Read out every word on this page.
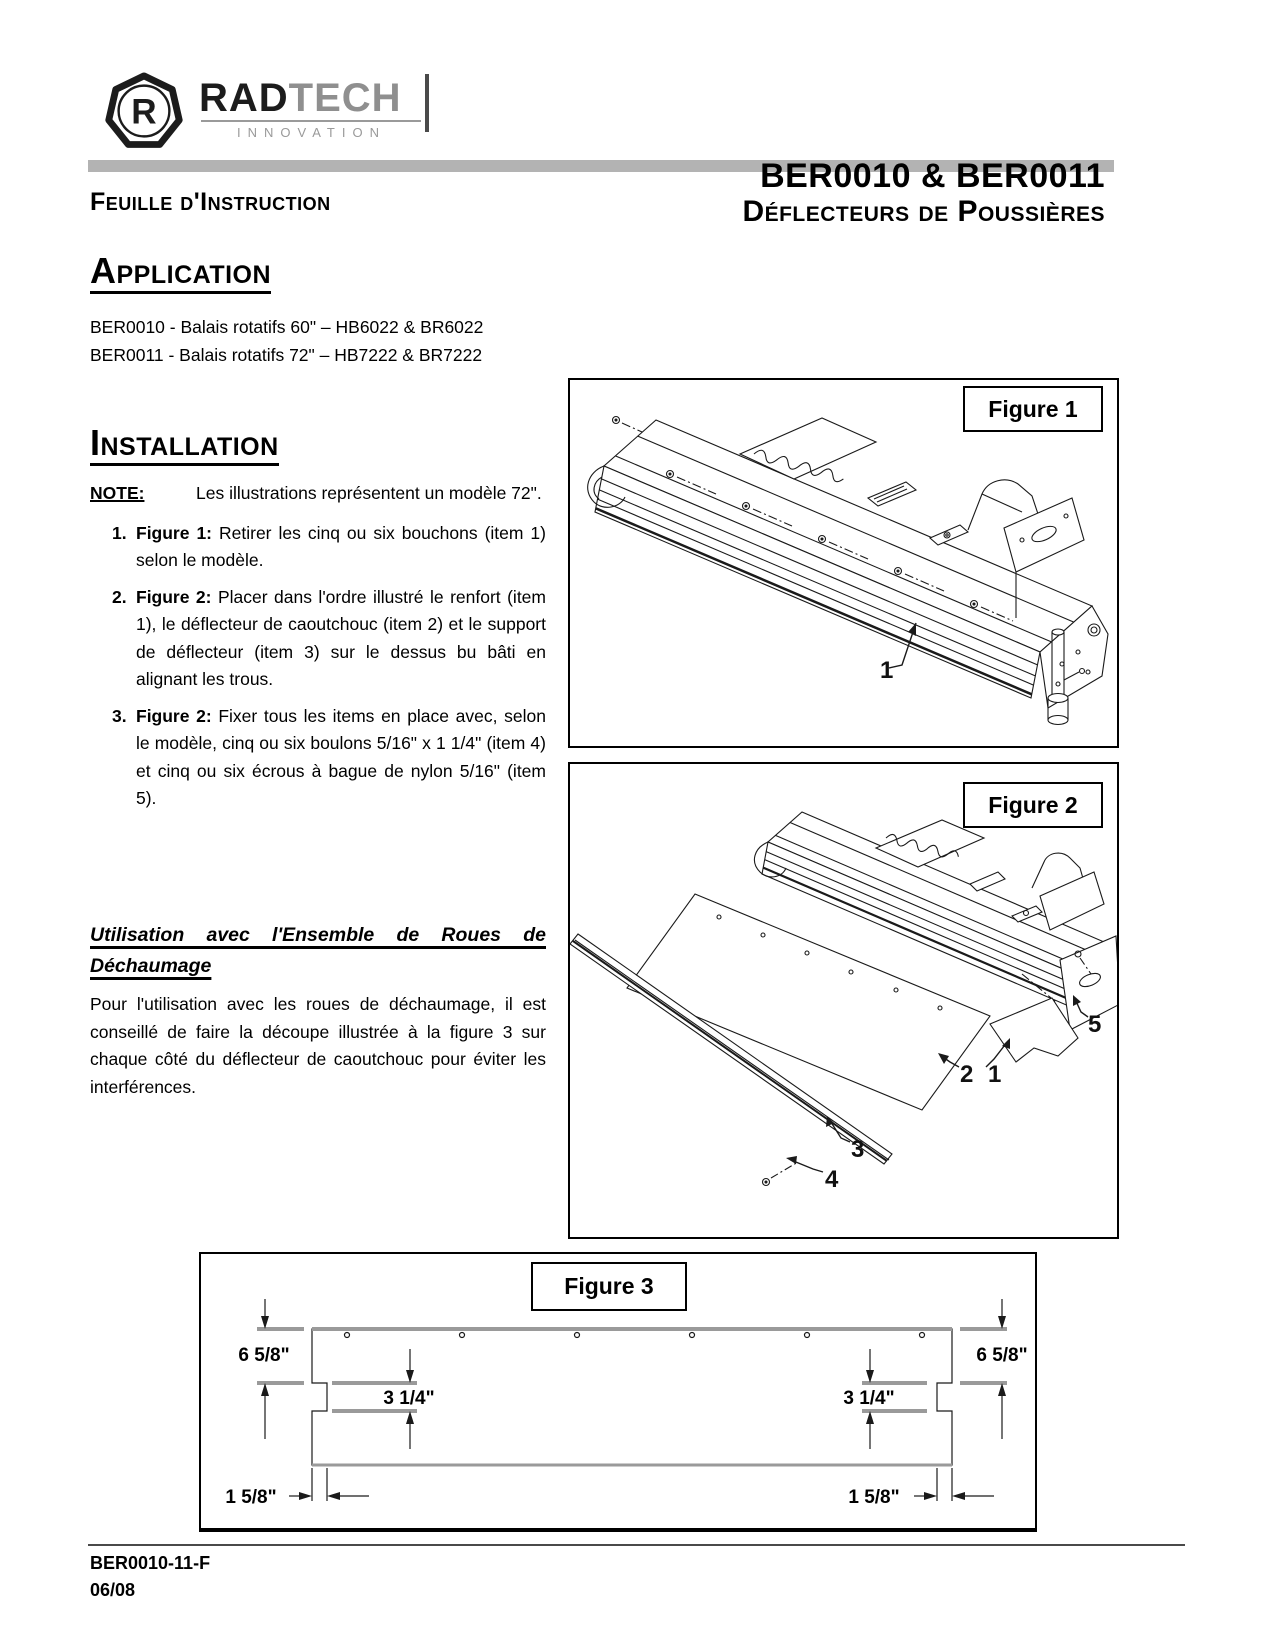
R RADTECH
INNOVATION
Feuille d'Instruction
BER0010 & BER0011
Déflecteurs de Poussières
Application
BER0010 - Balais rotatifs 60" – HB6022 & BR6022
BER0011 - Balais rotatifs 72" – HB7222 & BR7222
Installation
NOTE:	Les illustrations représentent un modèle 72".
1. Figure 1: Retirer les cinq ou six bouchons (item 1) selon le modèle.
2. Figure 2: Placer dans l'ordre illustré le renfort (item 1), le déflecteur de caoutchouc (item 2) et le support de déflecteur (item 3) sur le dessus bu bâti en alignant les trous.
3. Figure 2: Fixer tous les items en place avec, selon le modèle, cinq ou six boulons 5/16" x 1 1/4" (item 4) et cinq ou six écrous à bague de nylon 5/16" (item 5).
Utilisation avec l'Ensemble de Roues de Déchaumage
Pour l'utilisation avec les roues de déchaumage, il est conseillé de faire la découpe illustrée à la figure 3 sur chaque côté du déflecteur de caoutchouc pour éviter les interférences.
Figure 1
1
Figure 2
2 1
3
4
5
Figure 3
6 5/8"	6 5/8"
3 1/4"	3 1/4"
1 5/8"	1 5/8"
BER0010-11-F
06/08
